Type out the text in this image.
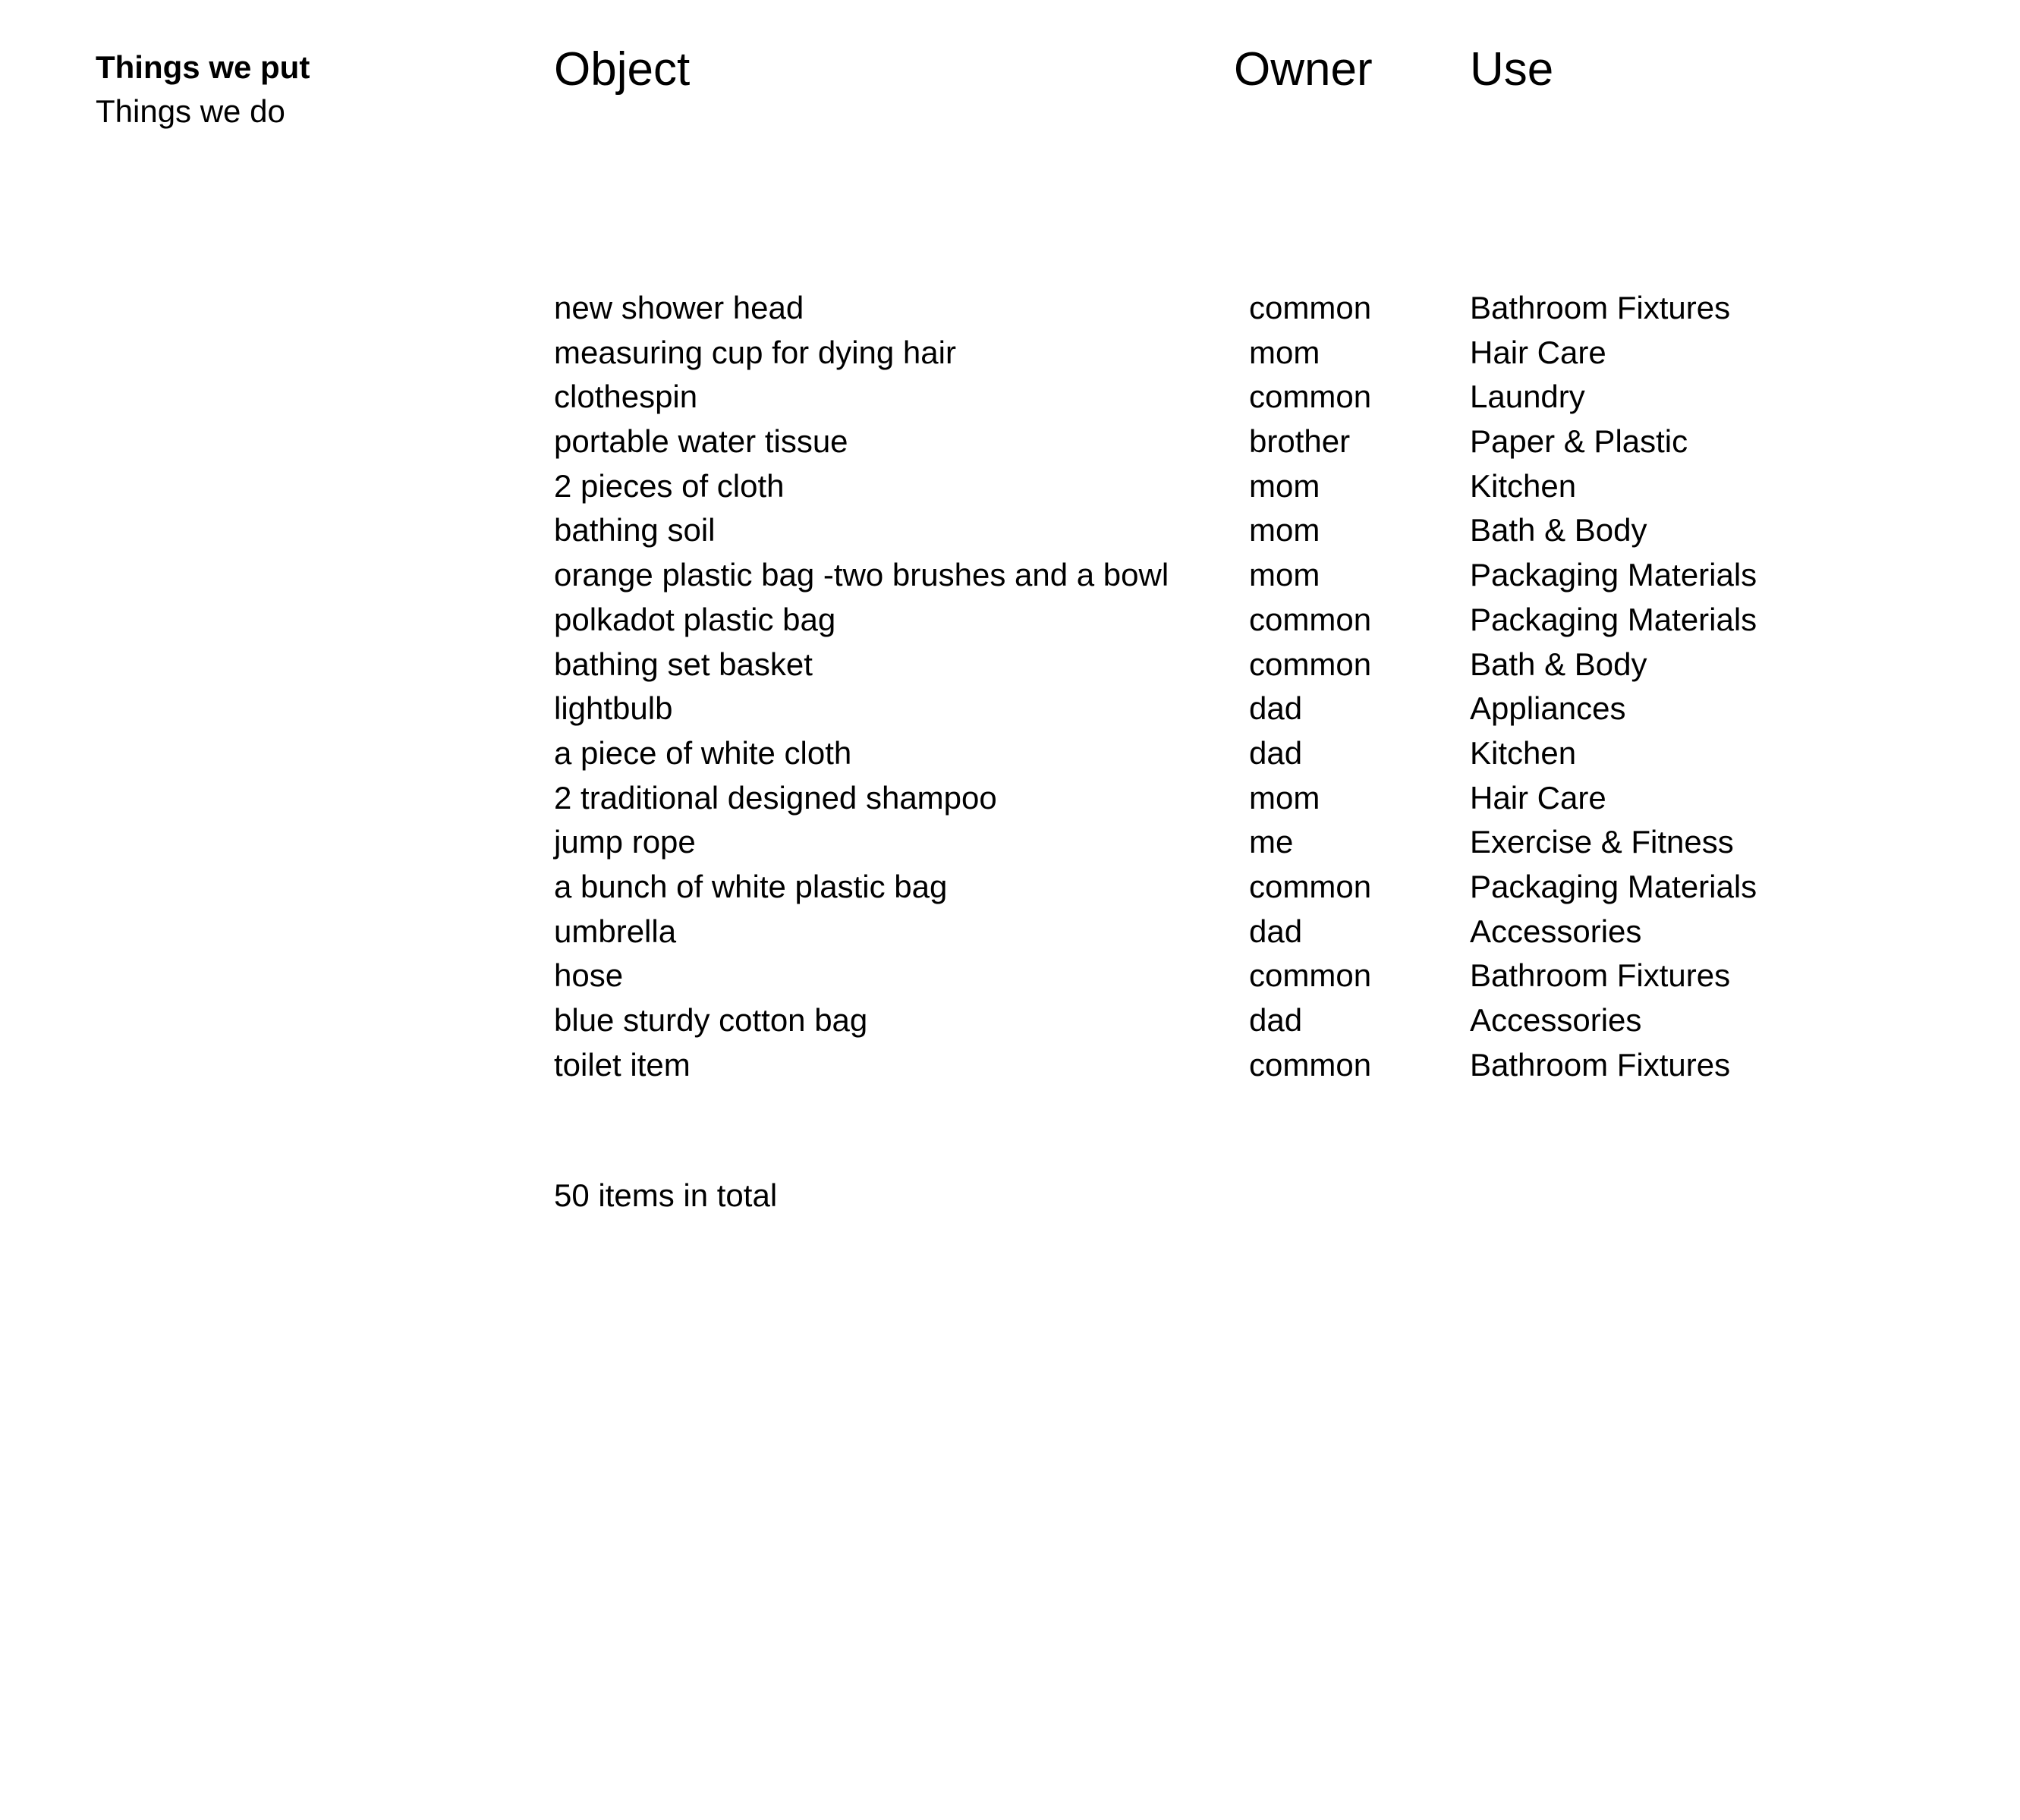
Things we put
Things we do
Object	Owner Use
new shower head	common	Bathroom Fixtures
measuring cup for dying hair	mom	Hair Care
clothespin	common	Laundry
portable water tissue	brother	Paper & Plastic
2 pieces of cloth	mom	Kitchen
bathing soil	mom	Bath & Body
orange plastic bag -two brushes and a bowl	mom	Packaging Materials
polkadot plastic bag	common	Packaging Materials
bathing set basket	common	Bath & Body
lightbulb	dad	Appliances
a piece of white cloth	dad	Kitchen
2 traditional designed shampoo	mom	Hair Care
jump rope	me	Exercise & Fitness
a bunch of white plastic bag	common	Packaging Materials
umbrella	dad	Accessories
hose	common	Bathroom Fixtures
blue sturdy cotton bag	dad	Accessories
toilet item	common	Bathroom Fixtures
50 items in total
